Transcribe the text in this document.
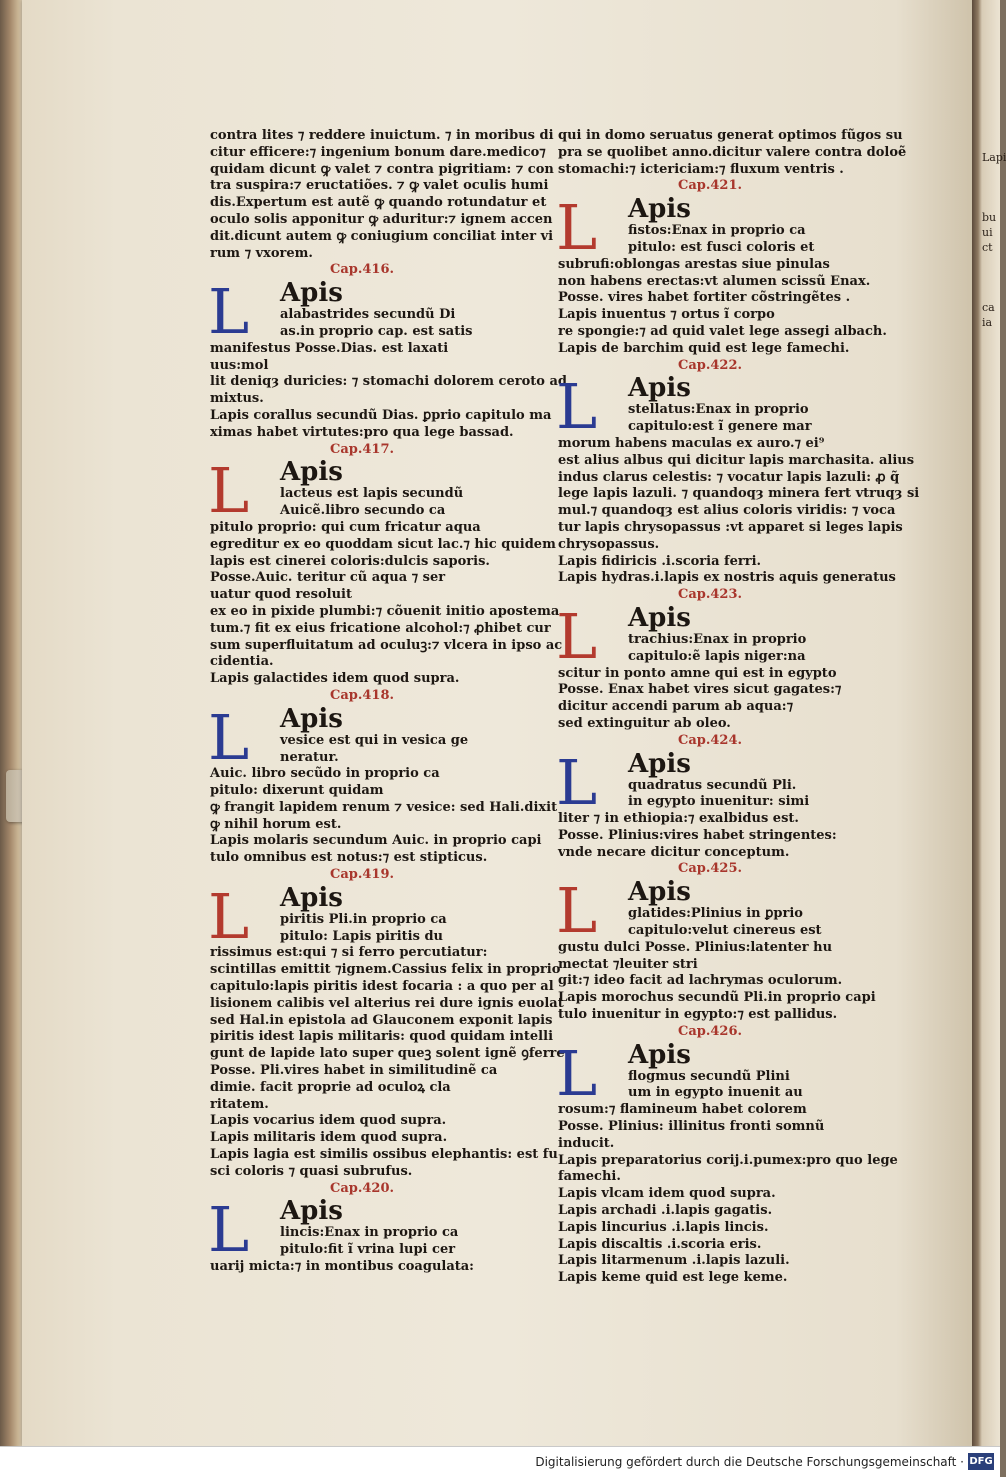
Lapi

bu
ui
ct

ca
ia
contra lites ⁊ reddere inuictum. ⁊ in moribus di
citur efficere:⁊ ingenium bonum dare.medico⁊
quidam dicunt ꝙ valet ⁊ contra pigritiam: ⁊ con
tra suspira:⁊ eructatiões. ⁊ ꝙ valet oculis humi
dis.Expertum est autẽ ꝙ quando rotundatur et
oculo solis apponitur ꝙ aduritur:⁊ ignem accen
dit.dicunt autem ꝙ coniugium conciliat inter vi
rum ⁊ vxorem.
Cap.416.
L	Apis
alabastrides secundũ Di
as.in proprio cap. est satis
manifestus Posse.Dias. est laxati
uus:mol
lit deniqȝ duricies: ⁊ stomachi dolorem ceroto ad
mixtus.
Lapis corallus secundũ Dias. ꝑprio capitulo ma
ximas habet virtutes:pro qua lege bassad.
Cap.417.
L	Apis
lacteus est lapis secundũ
Auicẽ.libro secundo ca
pitulo proprio: qui cum fricatur aqua
egreditur ex eo quoddam sicut lac.⁊ hic quidem
lapis est cinerei coloris:dulcis saporis.
Posse.Auic. teritur cũ aqua ⁊ ser
uatur quod resoluit
ex eo in pixide plumbi:⁊ cõuenit initio apostema
tum.⁊ fit ex eius fricatione alcohol:⁊ ꝓhibet cur
sum superfluitatum ad oculuꝫ:⁊ vlcera in ipso ac
cidentia.
Lapis galactides idem quod supra.
Cap.418.
L	Apis
vesice est qui in vesica ge
neratur.
Auic. libro secũdo in proprio ca
pitulo: dixerunt quidam
ꝙ frangit lapidem renum ⁊ vesice: sed Hali.dixit
ꝙ nihil horum est.
Lapis molaris secundum Auic. in proprio capi
tulo omnibus est notus:⁊ est stipticus.
Cap.419.
L	Apis
piritis Pli.in proprio ca
pitulo: Lapis piritis du
rissimus est:qui ⁊ si ferro percutiatur:
scintillas emittit ⁊ignem.Cassius felix in proprio
capitulo:lapis piritis idest focaria : a quo per al
lisionem calibis vel alterius rei dure ignis euolat
sed Hal.in epistola ad Glauconem exponit lapis
piritis idest lapis militaris: quod quidam intelli
gunt de lapide lato super queꝫ solent ignẽ ꝯferre.
Posse. Pli.vires habet in similitudinẽ ca
dimie. facit proprie ad oculoꝝ cla
ritatem.
Lapis vocarius idem quod supra.
Lapis militaris idem quod supra.
Lapis lagia est similis ossibus elephantis: est fu
sci coloris ⁊ quasi subrufus.
Cap.420.
L	Apis
lincis:Enax in proprio ca
pitulo:fit ĩ vrina lupi cer
uarij micta:⁊ in montibus coagulata:
qui in domo seruatus generat optimos fũgos su
pra se quolibet anno.dicitur valere contra doloẽ
stomachi:⁊ ictericiam:⁊ fluxum ventris .
Cap.421.
L	Apis
fistos:Enax in proprio ca
pitulo: est fusci coloris et
subrufi:oblongas arestas siue pinulas
non habens erectas:vt alumen scissũ Enax.
Posse. vires habet fortiter cõstringẽtes .
Lapis inuentus ⁊ ortus ĩ corpo
re spongie:⁊ ad quid valet lege assegi albach.
Lapis de barchim quid est lege famechi.
Cap.422.
L	Apis
stellatus:Enax in proprio
capitulo:est ĩ genere mar
morum habens maculas ex auro.⁊ ei⁹
est alius albus qui dicitur lapis marchasita. alius
indus clarus celestis: ⁊ vocatur lapis lazuli: ꝓ q̃
lege lapis lazuli. ⁊ quandoqȝ minera fert vtruqȝ si
mul.⁊ quandoqȝ est alius coloris viridis: ⁊ voca
tur lapis chrysopassus :vt apparet si leges lapis
chrysopassus.
Lapis fidiricis .i.scoria ferri.
Lapis hydras.i.lapis ex nostris aquis generatus
Cap.423.
L	Apis
trachius:Enax in proprio
capitulo:ẽ lapis niger:na
scitur in ponto amne qui est in egypto
Posse. Enax habet vires sicut gagates:⁊
dicitur accendi parum ab aqua:⁊
sed extinguitur ab oleo.
Cap.424.
L	Apis
quadratus secundũ Pli.
in egypto inuenitur: simi
liter ⁊ in ethiopia:⁊ exalbidus est.
Posse. Plinius:vires habet stringentes:
vnde necare dicitur conceptum.
Cap.425.
L	Apis
glatides:Plinius in ꝑprio
capitulo:velut cinereus est
gustu dulci Posse. Plinius:latenter hu
mectat ⁊leuiter stri
git:⁊ ideo facit ad lachrymas oculorum.
Lapis morochus secundũ Pli.in proprio capi
tulo inuenitur in egypto:⁊ est pallidus.
Cap.426.
L	Apis
flogmus secundũ Plini
um in egypto inuenit au
rosum:⁊ flamineum habet colorem
Posse. Plinius: illinitus fronti somnũ
inducit.
Lapis preparatorius corij.i.pumex:pro quo lege
famechi.
Lapis vlcam idem quod supra.
Lapis archadi .i.lapis gagatis.
Lapis lincurius .i.lapis lincis.
Lapis discaltis .i.scoria eris.
Lapis litarmenum .i.lapis lazuli.
Lapis keme quid est lege keme.
Digitalisierung gefördert durch die Deutsche Forschungsgemeinschaft · DFG
